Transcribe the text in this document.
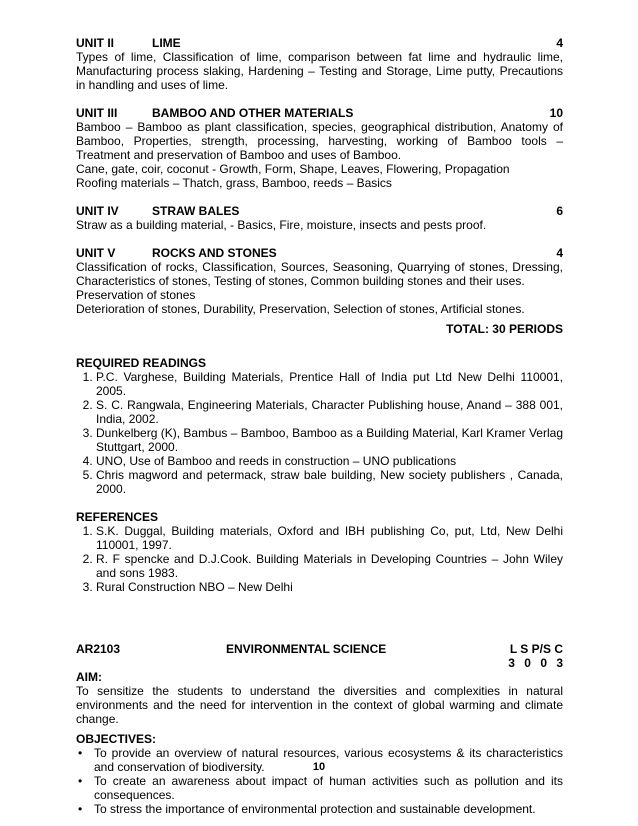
UNIT II	LIME	4
Types of lime, Classification of lime, comparison between fat lime and hydraulic lime, Manufacturing process slaking, Hardening – Testing and Storage, Lime putty, Precautions in handling and uses of lime.
UNIT III	BAMBOO AND OTHER MATERIALS	10
Bamboo – Bamboo as plant classification, species, geographical distribution, Anatomy of Bamboo, Properties, strength, processing, harvesting, working of Bamboo tools – Treatment and preservation of Bamboo and uses of Bamboo.
Cane, gate, coir, coconut - Growth, Form, Shape, Leaves, Flowering, Propagation
Roofing materials – Thatch, grass, Bamboo, reeds – Basics
UNIT IV	STRAW BALES	6
Straw as a building material, - Basics, Fire, moisture, insects and pests proof.
UNIT V	ROCKS AND STONES	4
Classification of rocks, Classification, Sources, Seasoning, Quarrying of stones, Dressing, Characteristics of stones, Testing of stones, Common building stones and their uses.
Preservation of stones
Deterioration of stones, Durability, Preservation, Selection of stones, Artificial stones.
TOTAL: 30 PERIODS
REQUIRED READINGS
1. P.C. Varghese, Building Materials, Prentice Hall of India put Ltd New Delhi 110001, 2005.
2. S. C. Rangwala, Engineering Materials, Character Publishing house, Anand – 388 001, India, 2002.
3. Dunkelberg (K), Bambus – Bamboo, Bamboo as a Building Material, Karl Kramer Verlag Stuttgart, 2000.
4. UNO, Use of Bamboo and reeds in construction – UNO publications
5. Chris magword and petermack, straw bale building, New society publishers , Canada, 2000.
REFERENCES
1. S.K. Duggal, Building materials, Oxford and IBH publishing Co, put, Ltd, New Delhi 110001, 1997.
2. R. F spencke and D.J.Cook. Building Materials in Developing Countries – John Wiley and sons 1983.
3. Rural Construction NBO – New Delhi
AR2103	ENVIRONMENTAL SCIENCE	L S P/S C
3 0 0 3
AIM:
To sensitize the students to understand the diversities and complexities in natural environments and the need for intervention in the context of global warming and climate change.
OBJECTIVES:
• To provide an overview of natural resources, various ecosystems & its characteristics and conservation of biodiversity.
• To create an awareness about impact of human activities such as pollution and its consequences.
• To stress the importance of environmental protection and sustainable development.
10
